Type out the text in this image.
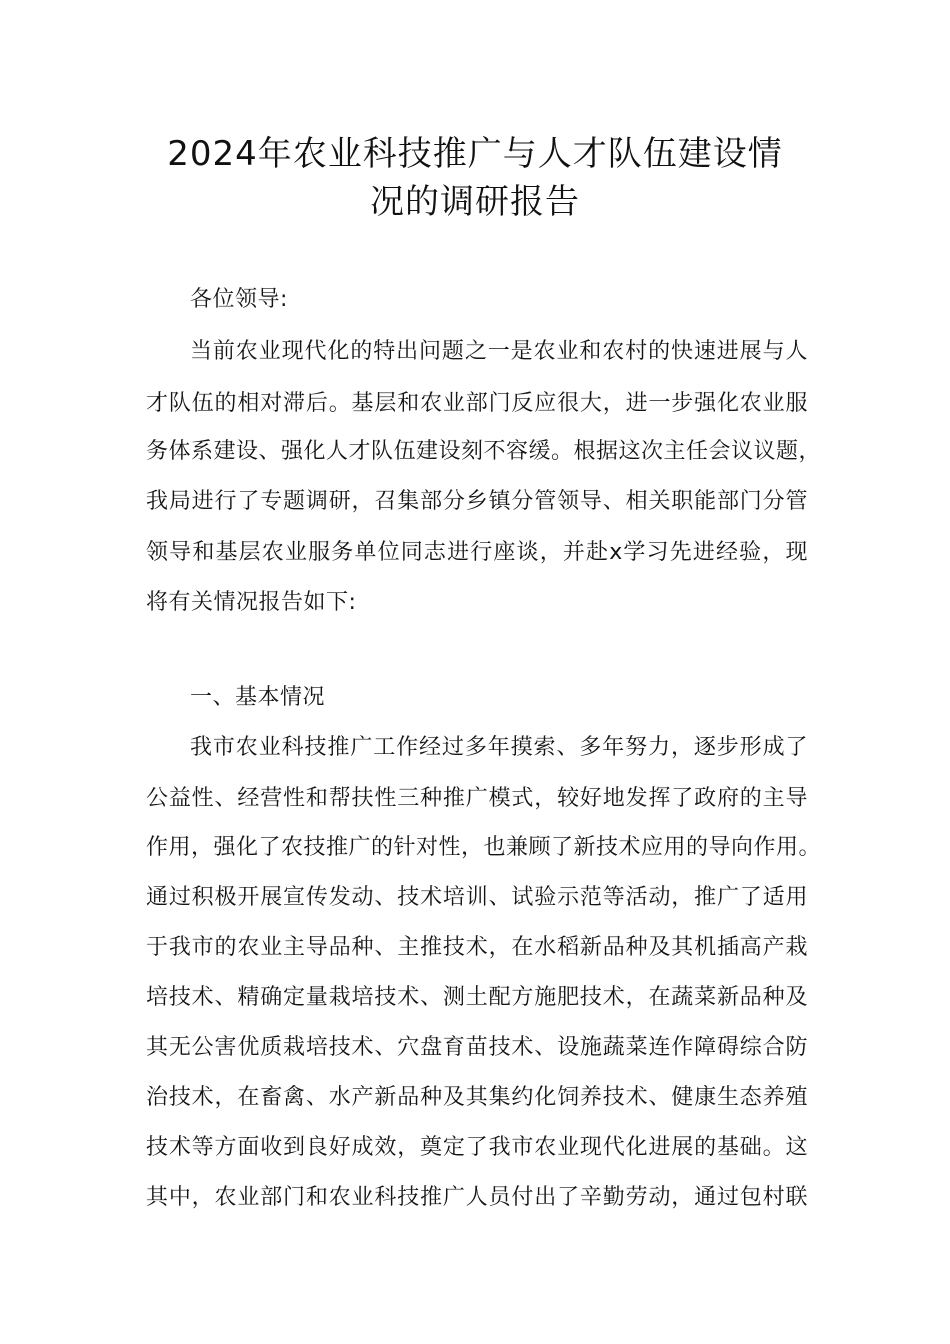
2024年农业科技推广与人才队伍建设情
况的调研报告
各位领导:
当前农业现代化的特出问题之一是农业和农村的快速进展与人
才队伍的相对滞后。基层和农业部门反应很大，进一步强化农业服
务体系建设、强化人才队伍建设刻不容缓。根据这次主任会议议题，
我局进行了专题调研，召集部分乡镇分管领导、相关职能部门分管
领导和基层农业服务单位同志进行座谈，并赴x学习先进经验，现
将有关情况报告如下:
一、基本情况
我市农业科技推广工作经过多年摸索、多年努力，逐步形成了
公益性、经营性和帮扶性三种推广模式，较好地发挥了政府的主导
作用，强化了农技推广的针对性，也兼顾了新技术应用的导向作用。
通过积极开展宣传发动、技术培训、试验示范等活动，推广了适用
于我市的农业主导品种、主推技术，在水稻新品种及其机插高产栽
培技术、精确定量栽培技术、测土配方施肥技术，在蔬菜新品种及
其无公害优质栽培技术、穴盘育苗技术、设施蔬菜连作障碍综合防
治技术，在畜禽、水产新品种及其集约化饲养技术、健康生态养殖
技术等方面收到良好成效，奠定了我市农业现代化进展的基础。这
其中，农业部门和农业科技推广人员付出了辛勤劳动，通过包村联
